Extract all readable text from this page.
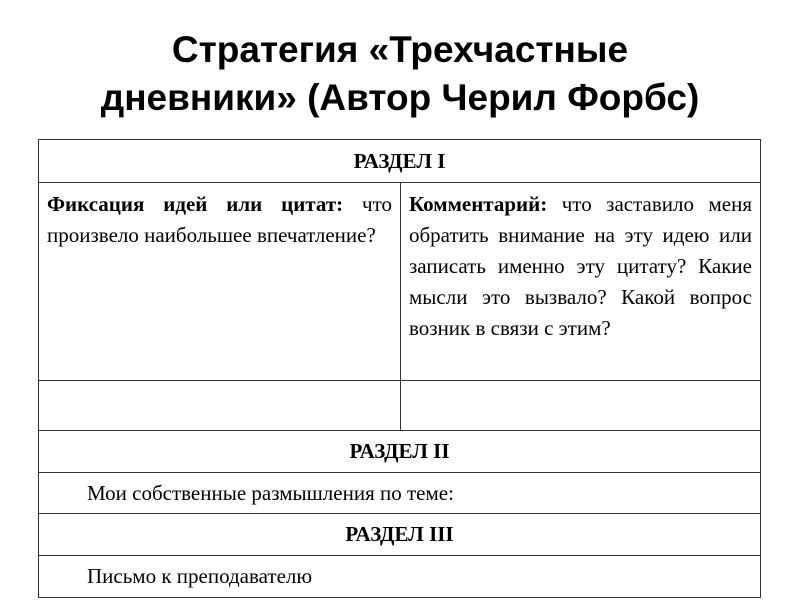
Стратегия «Трехчастные
дневники» (Автор Черил Форбс)
РАЗДЕЛ I	
Фиксация идей или цитат: что произвело наибольшее впечатление?	Комментарий: что заставило меня обратить внимание на эту идею или записать именно эту цитату? Какие мысли это вызвало? Какой вопрос возник в связи с этим?

РАЗДЕЛ II	
Мои собственные размышления по теме:	
РАЗДЕЛ III	
Письмо к преподавателю	
